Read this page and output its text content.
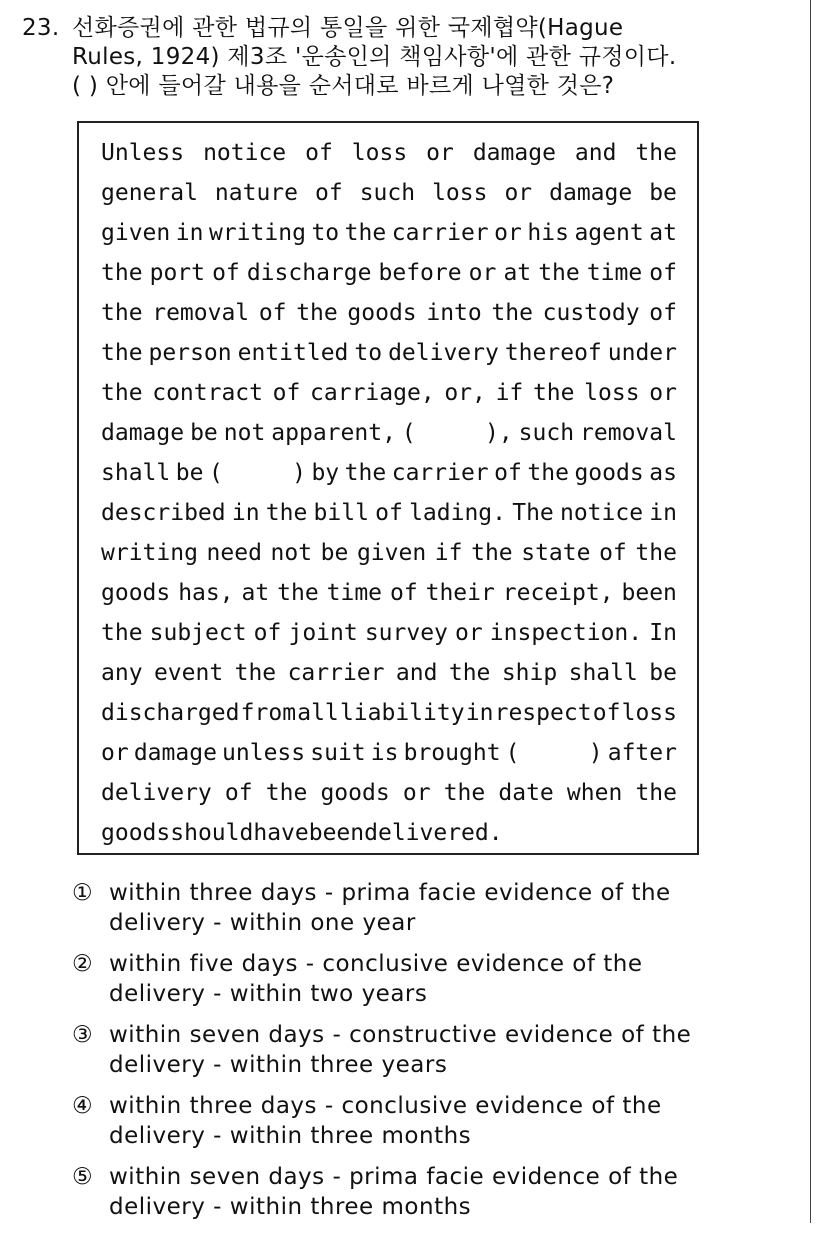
23. 선화증권에 관한 법규의 통일을 위한 국제협약(Hague
Rules, 1924) 제3조 '운송인의 책임사항'에 관한 규정이다.
( ) 안에 들어갈 내용을 순서대로 바르게 나열한 것은?
Unless notice of loss or damage and the
general nature of such loss or damage be
given in writing to the carrier or his agent at
the port of discharge before or at the time of
the removal of the goods into the custody of
the person entitled to delivery thereof under
the contract of carriage, or, if the loss or
damage be not apparent, (     ), such removal
shall be (     ) by the carrier of the goods as
described in the bill of lading. The notice in
writing need not be given if the state of the
goods has, at the time of their receipt, been
the subject of joint survey or inspection. In
any event the carrier and the ship shall be
discharged from all liability in respect of loss
or damage unless suit is brought (     ) after
delivery of the goods or the date when the
goods should have been delivered.
① within three days - prima facie evidence of the
delivery - within one year
② within five days - conclusive evidence of the
delivery - within two years
③ within seven days - constructive evidence of the
delivery - within three years
④ within three days - conclusive evidence of the
delivery - within three months
⑤ within seven days - prima facie evidence of the
delivery - within three months
